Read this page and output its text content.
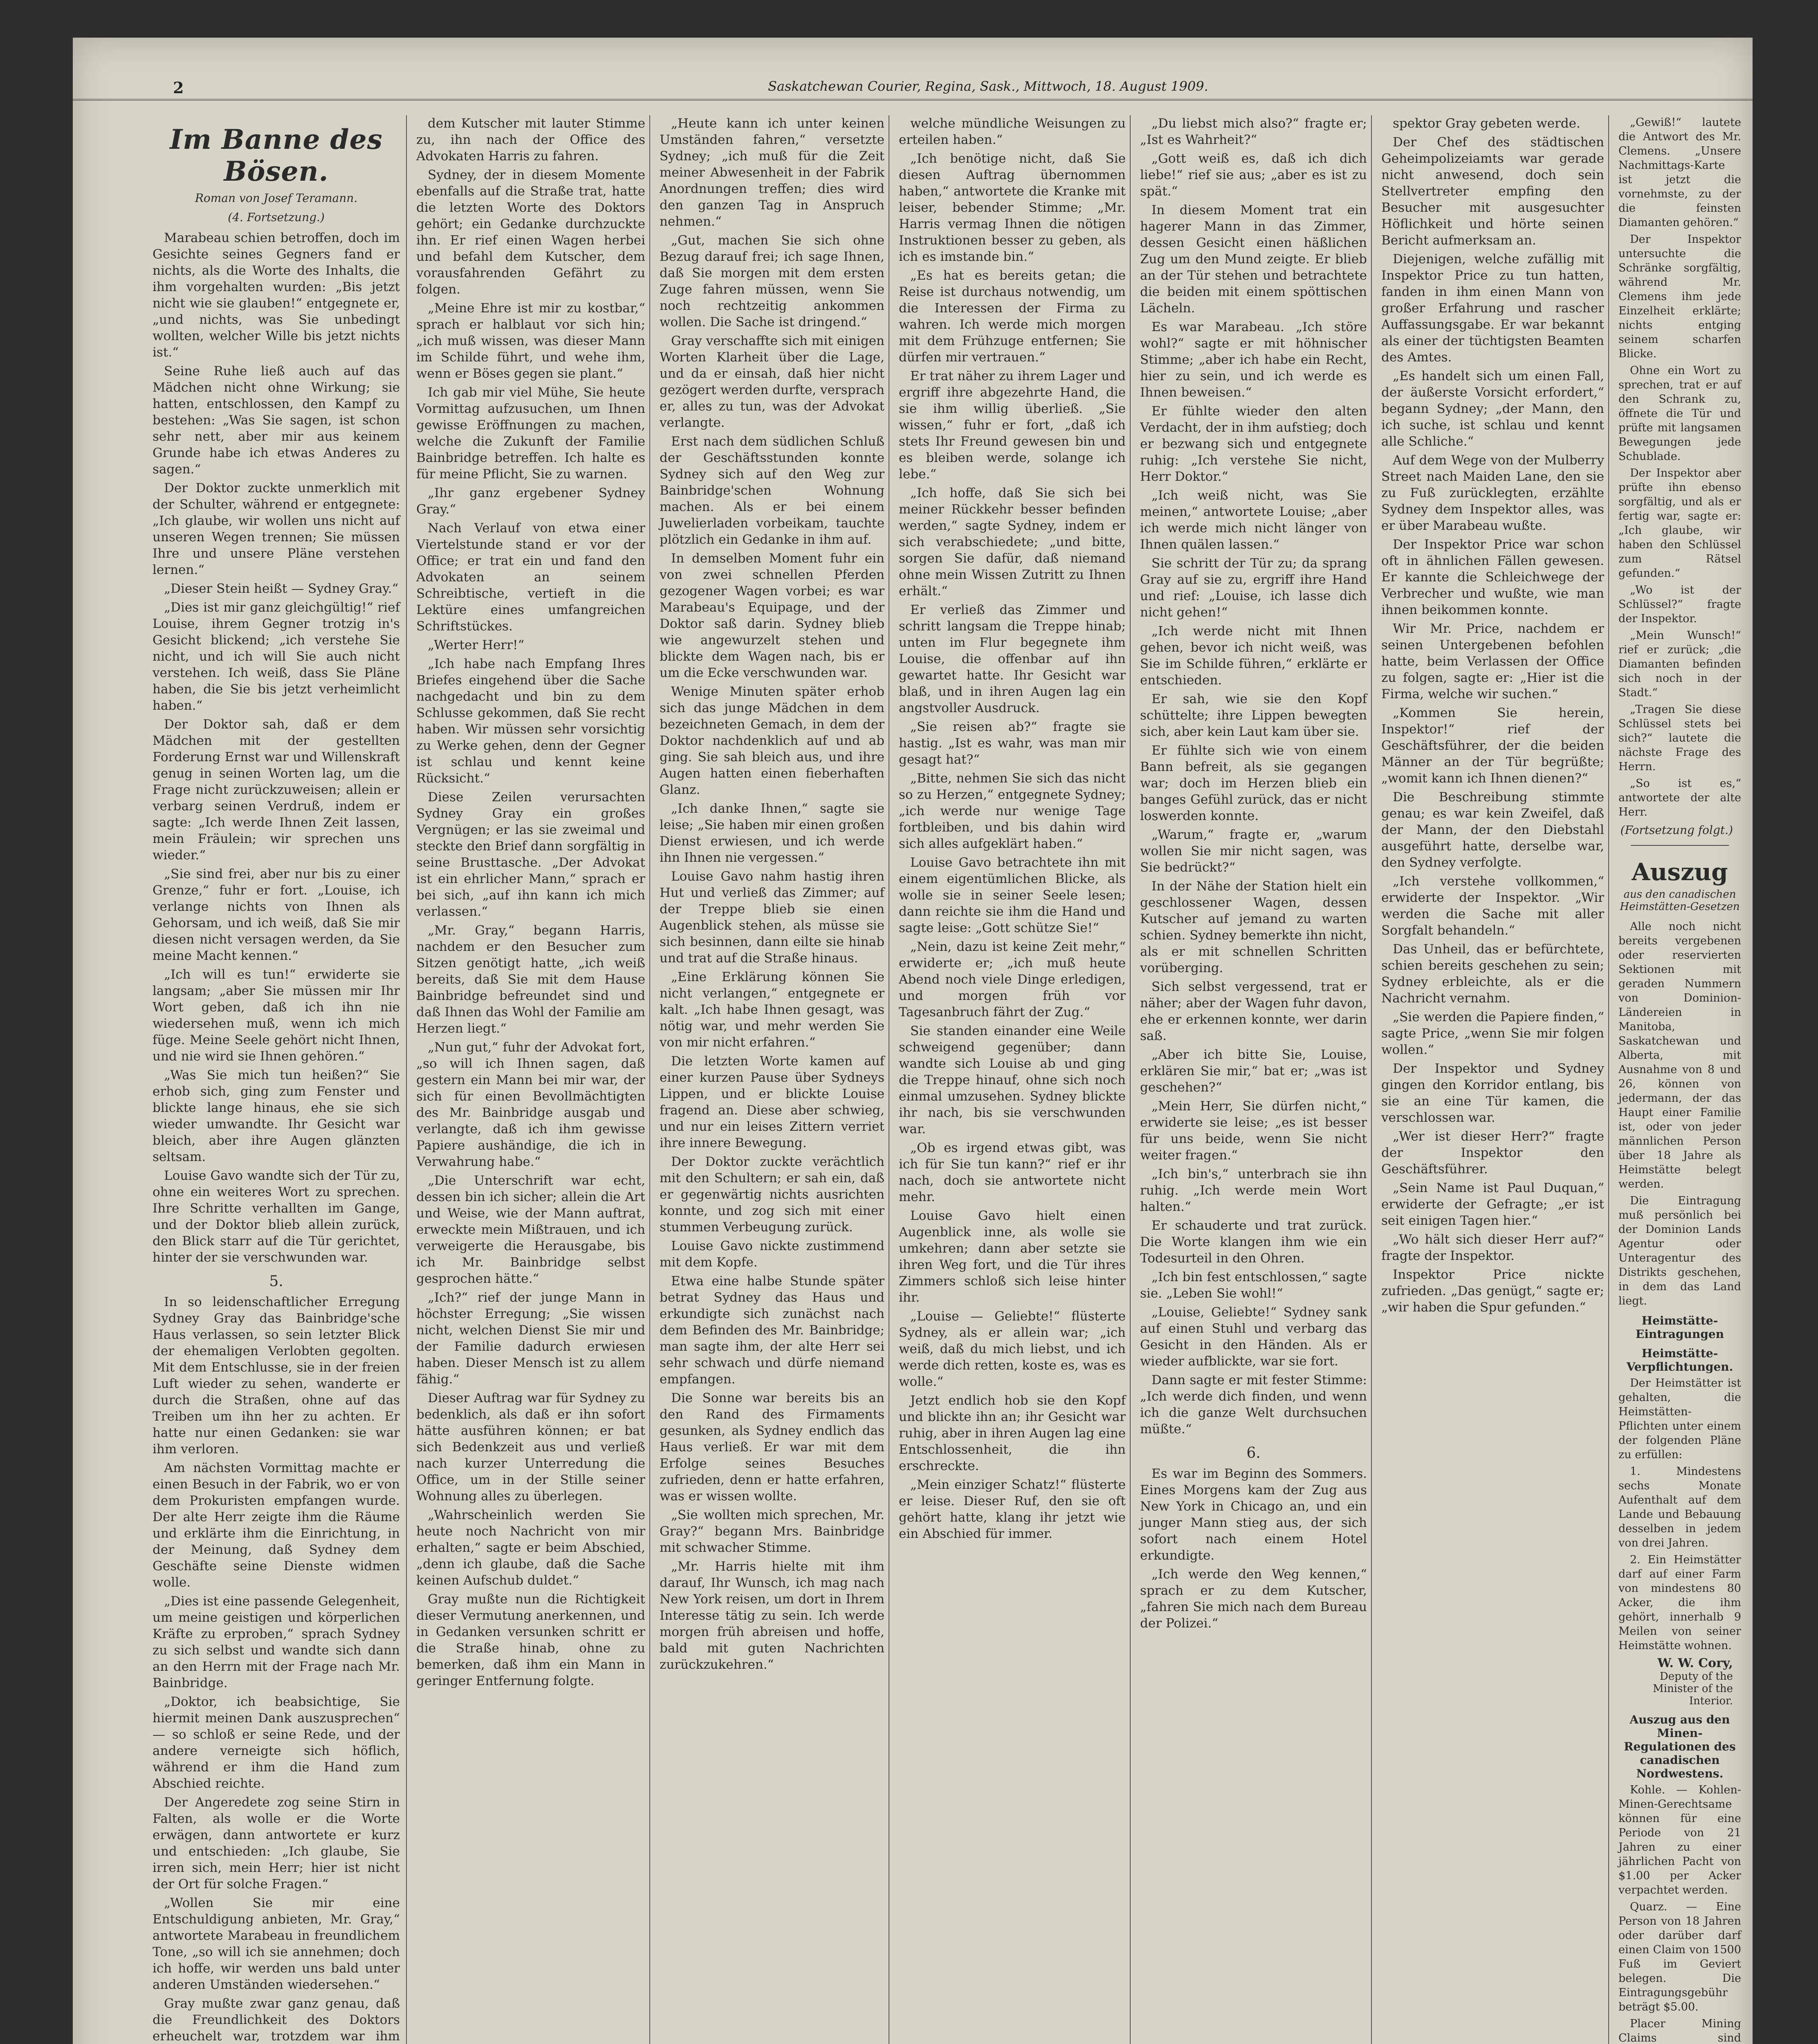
2	Saskatchewan Courier, Regina, Sask., Mittwoch, 18. August 1909.
Im Banne des Bösen.
Roman von Josef Teramann.
(4. Fortsetzung.)

Marabeau schien betroffen, doch im Gesichte seines Gegners fand er nichts, als die Worte des Inhalts, die ihm vorgehalten wurden: „Bis jetzt nicht wie sie glauben!“ entgegnete er, „und nichts, was Sie unbedingt wollten, welcher Wille bis jetzt nichts ist.“

Seine Ruhe ließ auch auf das Mädchen nicht ohne Wirkung; sie hatten, entschlossen, den Kampf zu bestehen: „Was Sie sagen, ist schon sehr nett, aber mir aus keinem Grunde habe ich etwas Anderes zu sagen.“

Der Doktor zuckte unmerklich mit der Schulter, während er entgegnete: „Ich glaube, wir wollen uns nicht auf unseren Wegen trennen; Sie müssen Ihre und unsere Pläne verstehen lernen.“

„Dieser Stein heißt — Sydney Gray.“

„Dies ist mir ganz gleichgültig!“ rief Louise, ihrem Gegner trotzig in's Gesicht blickend; „ich verstehe Sie nicht, und ich will Sie auch nicht verstehen. Ich weiß, dass Sie Pläne haben, die Sie bis jetzt verheimlicht haben.“

Der Doktor sah, daß er dem Mädchen mit der gestellten Forderung Ernst war und Willenskraft genug in seinen Worten lag, um die Frage nicht zurückzuweisen; allein er verbarg seinen Verdruß, indem er sagte: „Ich werde Ihnen Zeit lassen, mein Fräulein; wir sprechen uns wieder.“

„Sie sind frei, aber nur bis zu einer Grenze,“ fuhr er fort. „Louise, ich verlange nichts von Ihnen als Gehorsam, und ich weiß, daß Sie mir diesen nicht versagen werden, da Sie meine Macht kennen.“

„Ich will es tun!“ erwiderte sie langsam; „aber Sie müssen mir Ihr Wort geben, daß ich ihn nie wiedersehen muß, wenn ich mich füge. Meine Seele gehört nicht Ihnen, und nie wird sie Ihnen gehören.“

„Was Sie mich tun heißen?“ Sie erhob sich, ging zum Fenster und blickte lange hinaus, ehe sie sich wieder umwandte. Ihr Gesicht war bleich, aber ihre Augen glänzten seltsam.

Louise Gavo wandte sich der Tür zu, ohne ein weiteres Wort zu sprechen. Ihre Schritte verhallten im Gange, und der Doktor blieb allein zurück, den Blick starr auf die Tür gerichtet, hinter der sie verschwunden war.

5.

In so leidenschaftlicher Erregung Sydney Gray das Bainbridge'sche Haus verlassen, so sein letzter Blick der ehemaligen Verlobten gegolten. Mit dem Entschlusse, sie in der freien Luft wieder zu sehen, wanderte er durch die Straßen, ohne auf das Treiben um ihn her zu achten. Er hatte nur einen Gedanken: sie war ihm verloren.

Am nächsten Vormittag machte er einen Besuch in der Fabrik, wo er von dem Prokuristen empfangen wurde. Der alte Herr zeigte ihm die Räume und erklärte ihm die Einrichtung, in der Meinung, daß Sydney dem Geschäfte seine Dienste widmen wolle.

„Dies ist eine passende Gelegenheit, um meine geistigen und körperlichen Kräfte zu erproben,“ sprach Sydney zu sich selbst und wandte sich dann an den Herrn mit der Frage nach Mr. Bainbridge.

„Doktor, ich beabsichtige, Sie hiermit meinen Dank auszusprechen“ — so schloß er seine Rede, und der andere verneigte sich höflich, während er ihm die Hand zum Abschied reichte.

Der Angeredete zog seine Stirn in Falten, als wolle er die Worte erwägen, dann antwortete er kurz und entschieden: „Ich glaube, Sie irren sich, mein Herr; hier ist nicht der Ort für solche Fragen.“

„Wollen Sie mir eine Entschuldigung anbieten, Mr. Gray,“ antwortete Marabeau in freundlichem Tone, „so will ich sie annehmen; doch ich hoffe, wir werden uns bald unter anderen Umständen wiedersehen.“

Gray mußte zwar ganz genau, daß die Freundlichkeit des Doktors erheuchelt war, trotzdem war ihm

dem Kutscher mit lauter Stimme zu, ihn nach der Office des Advokaten Harris zu fahren.

Sydney, der in diesem Momente ebenfalls auf die Straße trat, hatte die letzten Worte des Doktors gehört; ein Gedanke durchzuckte ihn. Er rief einen Wagen herbei und befahl dem Kutscher, dem vorausfahrenden Gefährt zu folgen.

„Meine Ehre ist mir zu kostbar,“ sprach er halblaut vor sich hin; „ich muß wissen, was dieser Mann im Schilde führt, und wehe ihm, wenn er Böses gegen sie plant.“

Ich gab mir viel Mühe, Sie heute Vormittag aufzusuchen, um Ihnen gewisse Eröffnungen zu machen, welche die Zukunft der Familie Bainbridge betreffen. Ich halte es für meine Pflicht, Sie zu warnen.

„Ihr ganz ergebener Sydney Gray.“

Nach Verlauf von etwa einer Viertelstunde stand er vor der Office; er trat ein und fand den Advokaten an seinem Schreibtische, vertieft in die Lektüre eines umfangreichen Schriftstückes.

„Werter Herr!“

„Ich habe nach Empfang Ihres Briefes eingehend über die Sache nachgedacht und bin zu dem Schlusse gekommen, daß Sie recht haben. Wir müssen sehr vorsichtig zu Werke gehen, denn der Gegner ist schlau und kennt keine Rücksicht.“

Diese Zeilen verursachten Sydney Gray ein großes Vergnügen; er las sie zweimal und steckte den Brief dann sorgfältig in seine Brusttasche. „Der Advokat ist ein ehrlicher Mann,“ sprach er bei sich, „auf ihn kann ich mich verlassen.“

„Mr. Gray,“ begann Harris, nachdem er den Besucher zum Sitzen genötigt hatte, „ich weiß bereits, daß Sie mit dem Hause Bainbridge befreundet sind und daß Ihnen das Wohl der Familie am Herzen liegt.“

„Nun gut,“ fuhr der Advokat fort, „so will ich Ihnen sagen, daß gestern ein Mann bei mir war, der sich für einen Bevollmächtigten des Mr. Bainbridge ausgab und verlangte, daß ich ihm gewisse Papiere aushändige, die ich in Verwahrung habe.“

„Die Unterschrift war echt, dessen bin ich sicher; allein die Art und Weise, wie der Mann auftrat, erweckte mein Mißtrauen, und ich verweigerte die Herausgabe, bis ich Mr. Bainbridge selbst gesprochen hätte.“

„Ich?“ rief der junge Mann in höchster Erregung; „Sie wissen nicht, welchen Dienst Sie mir und der Familie dadurch erwiesen haben. Dieser Mensch ist zu allem fähig.“

Dieser Auftrag war für Sydney zu bedenklich, als daß er ihn sofort hätte ausführen können; er bat sich Bedenkzeit aus und verließ nach kurzer Unterredung die Office, um in der Stille seiner Wohnung alles zu überlegen.

„Wahrscheinlich werden Sie heute noch Nachricht von mir erhalten,“ sagte er beim Abschied, „denn ich glaube, daß die Sache keinen Aufschub duldet.“

Gray mußte nun die Richtigkeit dieser Vermutung anerkennen, und in Gedanken versunken schritt er die Straße hinab, ohne zu bemerken, daß ihm ein Mann in geringer Entfernung folgte.

„Heute kann ich unter keinen Umständen fahren,“ versetzte Sydney; „ich muß für die Zeit meiner Abwesenheit in der Fabrik Anordnungen treffen; dies wird den ganzen Tag in Anspruch nehmen.“

„Gut, machen Sie sich ohne Bezug darauf frei; ich sage Ihnen, daß Sie morgen mit dem ersten Zuge fahren müssen, wenn Sie noch rechtzeitig ankommen wollen. Die Sache ist dringend.“

Gray verschaffte sich mit einigen Worten Klarheit über die Lage, und da er einsah, daß hier nicht gezögert werden durfte, versprach er, alles zu tun, was der Advokat verlangte.

Erst nach dem südlichen Schluß der Geschäftsstunden konnte Sydney sich auf den Weg zur Bainbridge'schen Wohnung machen. Als er bei einem Juwelierladen vorbeikam, tauchte plötzlich ein Gedanke in ihm auf.

In demselben Moment fuhr ein von zwei schnellen Pferden gezogener Wagen vorbei; es war Marabeau's Equipage, und der Doktor saß darin. Sydney blieb wie angewurzelt stehen und blickte dem Wagen nach, bis er um die Ecke verschwunden war.

Wenige Minuten später erhob sich das junge Mädchen in dem bezeichneten Gemach, in dem der Doktor nachdenklich auf und ab ging. Sie sah bleich aus, und ihre Augen hatten einen fieberhaften Glanz.

„Ich danke Ihnen,“ sagte sie leise; „Sie haben mir einen großen Dienst erwiesen, und ich werde ihn Ihnen nie vergessen.“

Louise Gavo nahm hastig ihren Hut und verließ das Zimmer; auf der Treppe blieb sie einen Augenblick stehen, als müsse sie sich besinnen, dann eilte sie hinab und trat auf die Straße hinaus.

„Eine Erklärung können Sie nicht verlangen,“ entgegnete er kalt. „Ich habe Ihnen gesagt, was nötig war, und mehr werden Sie von mir nicht erfahren.“

Die letzten Worte kamen auf einer kurzen Pause über Sydneys Lippen, und er blickte Louise fragend an. Diese aber schwieg, und nur ein leises Zittern verriet ihre innere Bewegung.

Der Doktor zuckte verächtlich mit den Schultern; er sah ein, daß er gegenwärtig nichts ausrichten konnte, und zog sich mit einer stummen Verbeugung zurück.

Louise Gavo nickte zustimmend mit dem Kopfe.

Etwa eine halbe Stunde später betrat Sydney das Haus und erkundigte sich zunächst nach dem Befinden des Mr. Bainbridge; man sagte ihm, der alte Herr sei sehr schwach und dürfe niemand empfangen.

Die Sonne war bereits bis an den Rand des Firmaments gesunken, als Sydney endlich das Haus verließ. Er war mit dem Erfolge seines Besuches zufrieden, denn er hatte erfahren, was er wissen wollte.

„Sie wollten mich sprechen, Mr. Gray?“ begann Mrs. Bainbridge mit schwacher Stimme.

„Mr. Harris hielte mit ihm darauf, Ihr Wunsch, ich mag nach New York reisen, um dort in Ihrem Interesse tätig zu sein. Ich werde morgen früh abreisen und hoffe, bald mit guten Nachrichten zurückzukehren.“

welche mündliche Weisungen zu erteilen haben.“

„Ich benötige nicht, daß Sie diesen Auftrag übernommen haben,“ antwortete die Kranke mit leiser, bebender Stimme; „Mr. Harris vermag Ihnen die nötigen Instruktionen besser zu geben, als ich es imstande bin.“

„Es hat es bereits getan; die Reise ist durchaus notwendig, um die Interessen der Firma zu wahren. Ich werde mich morgen mit dem Frühzuge entfernen; Sie dürfen mir vertrauen.“

Er trat näher zu ihrem Lager und ergriff ihre abgezehrte Hand, die sie ihm willig überließ. „Sie wissen,“ fuhr er fort, „daß ich stets Ihr Freund gewesen bin und es bleiben werde, solange ich lebe.“

„Ich hoffe, daß Sie sich bei meiner Rückkehr besser befinden werden,“ sagte Sydney, indem er sich verabschiedete; „und bitte, sorgen Sie dafür, daß niemand ohne mein Wissen Zutritt zu Ihnen erhält.“

Er verließ das Zimmer und schritt langsam die Treppe hinab; unten im Flur begegnete ihm Louise, die offenbar auf ihn gewartet hatte. Ihr Gesicht war blaß, und in ihren Augen lag ein angstvoller Ausdruck.

„Sie reisen ab?“ fragte sie hastig. „Ist es wahr, was man mir gesagt hat?“

„Bitte, nehmen Sie sich das nicht so zu Herzen,“ entgegnete Sydney; „ich werde nur wenige Tage fortbleiben, und bis dahin wird sich alles aufgeklärt haben.“

Louise Gavo betrachtete ihn mit einem eigentümlichen Blicke, als wolle sie in seiner Seele lesen; dann reichte sie ihm die Hand und sagte leise: „Gott schütze Sie!“

„Nein, dazu ist keine Zeit mehr,“ erwiderte er; „ich muß heute Abend noch viele Dinge erledigen, und morgen früh vor Tagesanbruch fährt der Zug.“

Sie standen einander eine Weile schweigend gegenüber; dann wandte sich Louise ab und ging die Treppe hinauf, ohne sich noch einmal umzusehen. Sydney blickte ihr nach, bis sie verschwunden war.

„Ob es irgend etwas gibt, was ich für Sie tun kann?“ rief er ihr nach, doch sie antwortete nicht mehr.

Louise Gavo hielt einen Augenblick inne, als wolle sie umkehren; dann aber setzte sie ihren Weg fort, und die Tür ihres Zimmers schloß sich leise hinter ihr.

„Louise — Geliebte!“ flüsterte Sydney, als er allein war; „ich weiß, daß du mich liebst, und ich werde dich retten, koste es, was es wolle.“

Jetzt endlich hob sie den Kopf und blickte ihn an; ihr Gesicht war ruhig, aber in ihren Augen lag eine Entschlossenheit, die ihn erschreckte.

„Mein einziger Schatz!“ flüsterte er leise. Dieser Ruf, den sie oft gehört hatte, klang ihr jetzt wie ein Abschied für immer.

„Du liebst mich also?“ fragte er; „Ist es Wahrheit?“

„Gott weiß es, daß ich dich liebe!“ rief sie aus; „aber es ist zu spät.“

In diesem Moment trat ein hagerer Mann in das Zimmer, dessen Gesicht einen häßlichen Zug um den Mund zeigte. Er blieb an der Tür stehen und betrachtete die beiden mit einem spöttischen Lächeln.

Es war Marabeau. „Ich störe wohl?“ sagte er mit höhnischer Stimme; „aber ich habe ein Recht, hier zu sein, und ich werde es Ihnen beweisen.“

Er fühlte wieder den alten Verdacht, der in ihm aufstieg; doch er bezwang sich und entgegnete ruhig: „Ich verstehe Sie nicht, Herr Doktor.“

„Ich weiß nicht, was Sie meinen,“ antwortete Louise; „aber ich werde mich nicht länger von Ihnen quälen lassen.“

Sie schritt der Tür zu; da sprang Gray auf sie zu, ergriff ihre Hand und rief: „Louise, ich lasse dich nicht gehen!“

„Ich werde nicht mit Ihnen gehen, bevor ich nicht weiß, was Sie im Schilde führen,“ erklärte er entschieden.

Er sah, wie sie den Kopf schüttelte; ihre Lippen bewegten sich, aber kein Laut kam über sie.

Er fühlte sich wie von einem Bann befreit, als sie gegangen war; doch im Herzen blieb ein banges Gefühl zurück, das er nicht loswerden konnte.

„Warum,“ fragte er, „warum wollen Sie mir nicht sagen, was Sie bedrückt?“

In der Nähe der Station hielt ein geschlossener Wagen, dessen Kutscher auf jemand zu warten schien. Sydney bemerkte ihn nicht, als er mit schnellen Schritten vorüberging.

Sich selbst vergessend, trat er näher; aber der Wagen fuhr davon, ehe er erkennen konnte, wer darin saß.

„Aber ich bitte Sie, Louise, erklären Sie mir,“ bat er; „was ist geschehen?“

„Mein Herr, Sie dürfen nicht,“ erwiderte sie leise; „es ist besser für uns beide, wenn Sie nicht weiter fragen.“

„Ich bin's,“ unterbrach sie ihn ruhig. „Ich werde mein Wort halten.“

Er schauderte und trat zurück. Die Worte klangen ihm wie ein Todesurteil in den Ohren.

„Ich bin fest entschlossen,“ sagte sie. „Leben Sie wohl!“

„Louise, Geliebte!“ Sydney sank auf einen Stuhl und verbarg das Gesicht in den Händen. Als er wieder aufblickte, war sie fort.

Dann sagte er mit fester Stimme: „Ich werde dich finden, und wenn ich die ganze Welt durchsuchen müßte.“

6.

Es war im Beginn des Sommers. Eines Morgens kam der Zug aus New York in Chicago an, und ein junger Mann stieg aus, der sich sofort nach einem Hotel erkundigte.

„Ich werde den Weg kennen,“ sprach er zu dem Kutscher, „fahren Sie mich nach dem Bureau der Polizei.“

spektor Gray gebeten werde.

Der Chef des städtischen Geheimpolizeiamts war gerade nicht anwesend, doch sein Stellvertreter empfing den Besucher mit ausgesuchter Höflichkeit und hörte seinen Bericht aufmerksam an.

Diejenigen, welche zufällig mit Inspektor Price zu tun hatten, fanden in ihm einen Mann von großer Erfahrung und rascher Auffassungsgabe. Er war bekannt als einer der tüchtigsten Beamten des Amtes.

„Es handelt sich um einen Fall, der äußerste Vorsicht erfordert,“ begann Sydney; „der Mann, den ich suche, ist schlau und kennt alle Schliche.“

Auf dem Wege von der Mulberry Street nach Maiden Lane, den sie zu Fuß zurücklegten, erzählte Sydney dem Inspektor alles, was er über Marabeau wußte.

Der Inspektor Price war schon oft in ähnlichen Fällen gewesen. Er kannte die Schleichwege der Verbrecher und wußte, wie man ihnen beikommen konnte.

Wir Mr. Price, nachdem er seinen Untergebenen befohlen hatte, beim Verlassen der Office zu folgen, sagte er: „Hier ist die Firma, welche wir suchen.“

„Kommen Sie herein, Inspektor!“ rief der Geschäftsführer, der die beiden Männer an der Tür begrüßte; „womit kann ich Ihnen dienen?“

Die Beschreibung stimmte genau; es war kein Zweifel, daß der Mann, der den Diebstahl ausgeführt hatte, derselbe war, den Sydney verfolgte.

„Ich verstehe vollkommen,“ erwiderte der Inspektor. „Wir werden die Sache mit aller Sorgfalt behandeln.“

Das Unheil, das er befürchtete, schien bereits geschehen zu sein; Sydney erbleichte, als er die Nachricht vernahm.

„Sie werden die Papiere finden,“ sagte Price, „wenn Sie mir folgen wollen.“

Der Inspektor und Sydney gingen den Korridor entlang, bis sie an eine Tür kamen, die verschlossen war.

„Wer ist dieser Herr?“ fragte der Inspektor den Geschäftsführer.

„Sein Name ist Paul Duquan,“ erwiderte der Gefragte; „er ist seit einigen Tagen hier.“

„Wo hält sich dieser Herr auf?“ fragte der Inspektor.

Inspektor Price nickte zufrieden. „Das genügt,“ sagte er; „wir haben die Spur gefunden.“

„Gewiß!“ lautete die Antwort des Mr. Clemens. „Unsere Nachmittags-Karte ist jetzt die vornehmste, zu der die feinsten Diamanten gehören.“

Der Inspektor untersuchte die Schränke sorgfältig, während Mr. Clemens ihm jede Einzelheit erklärte; nichts entging seinem scharfen Blicke.

Ohne ein Wort zu sprechen, trat er auf den Schrank zu, öffnete die Tür und prüfte mit langsamen Bewegungen jede Schublade.

Der Inspektor aber prüfte ihn ebenso sorgfältig, und als er fertig war, sagte er: „Ich glaube, wir haben den Schlüssel zum Rätsel gefunden.“

„Wo ist der Schlüssel?“ fragte der Inspektor.

„Mein Wunsch!“ rief er zurück; „die Diamanten befinden sich noch in der Stadt.“

„Tragen Sie diese Schlüssel stets bei sich?“ lautete die nächste Frage des Herrn.

„So ist es,“ antwortete der alte Herr.

(Fortsetzung folgt.)
Auszug
aus den canadischen Heimstätten-Gesetzen

Alle noch nicht bereits vergebenen oder reservierten Sektionen mit geraden Nummern von Dominion-Ländereien in Manitoba, Saskatchewan und Alberta, mit Ausnahme von 8 und 26, können von jedermann, der das Haupt einer Familie ist, oder von jeder männlichen Person über 18 Jahre als Heimstätte belegt werden.

Die Eintragung muß persönlich bei der Dominion Lands Agentur oder Unteragentur des Distrikts geschehen, in dem das Land liegt.

Heimstätte-Eintragungen
Heimstätte-Verpflichtungen.

Der Heimstätter ist gehalten, die Heimstätten-Pflichten unter einem der folgenden Pläne zu erfüllen:

1. Mindestens sechs Monate Aufenthalt auf dem Lande und Bebauung desselben in jedem von drei Jahren.

2. Ein Heimstätter darf auf einer Farm von mindestens 80 Acker, die ihm gehört, innerhalb 9 Meilen von seiner Heimstätte wohnen.

W. W. Cory,
Deputy of the Minister of the Interior.
Auszug aus den Minen-Regulationen des canadischen Nordwestens.

Kohle. — Kohlen-Minen-Gerechtsame können für eine Periode von 21 Jahren zu einer jährlichen Pacht von $1.00 per Acker verpachtet werden.

Quarz. — Eine Person von 18 Jahren oder darüber darf einen Claim von 1500 Fuß im Geviert belegen. Die Eintragungsgebühr beträgt $5.00.

Placer Mining Claims sind
